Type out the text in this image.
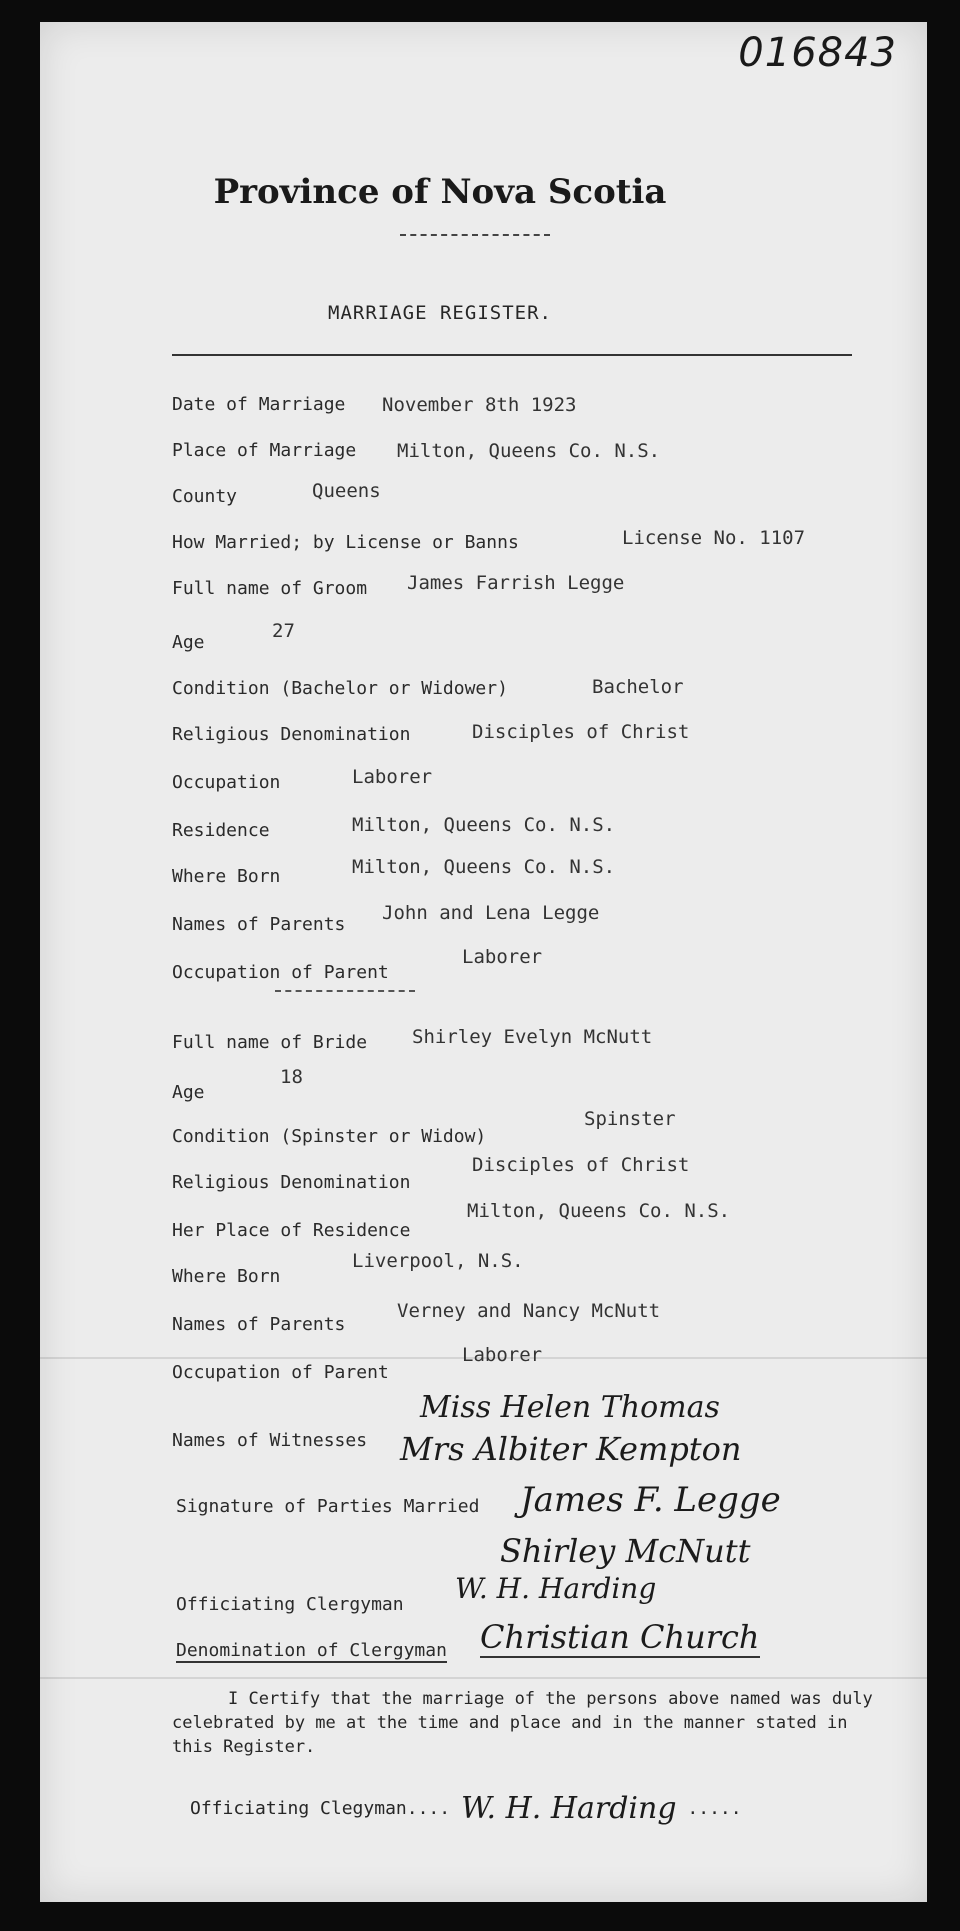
016843
Province of Nova Scotia
MARRIAGE REGISTER.
Date of Marriage November 8th 1923
Place of Marriage Milton, Queens Co. N.S.
County	Queens
How Married; by License or Banns	License No. 1107
Full name of Groom James Farrish Legge
Age
27
Condition (Bachelor or Widower)	Bachelor
Religious Denomination	Disciples of Christ
Occupation	Laborer
Residence	Milton, Queens Co. N.S.
Where Born	Milton, Queens Co. N.S.
Names of Parents
John and Lena Legge
Occupation of Parent
Laborer
Full name of Bride Shirley Evelyn McNutt
Age
18
Condition (Spinster or Widow)
Spinster
Religious Denomination
Disciples of Christ
Her Place of Residence
Milton, Queens Co. N.S.
Where Born
Liverpool, N.S.
Names of Parents
Verney and Nancy McNutt
Occupation of Parent
Laborer
Names of Witnesses
Miss Helen Thomas
Mrs Albiter Kempton
Signature of Parties Married James F. Legge
Shirley McNutt
Officiating Clergyman W. H. Harding
Denomination of Clergyman Christian Church
I Certify that the marriage of the persons above named was duly celebrated by me at the time and place and in the manner stated in this Register.
Officiating Clegyman.... W. H. Harding .....
